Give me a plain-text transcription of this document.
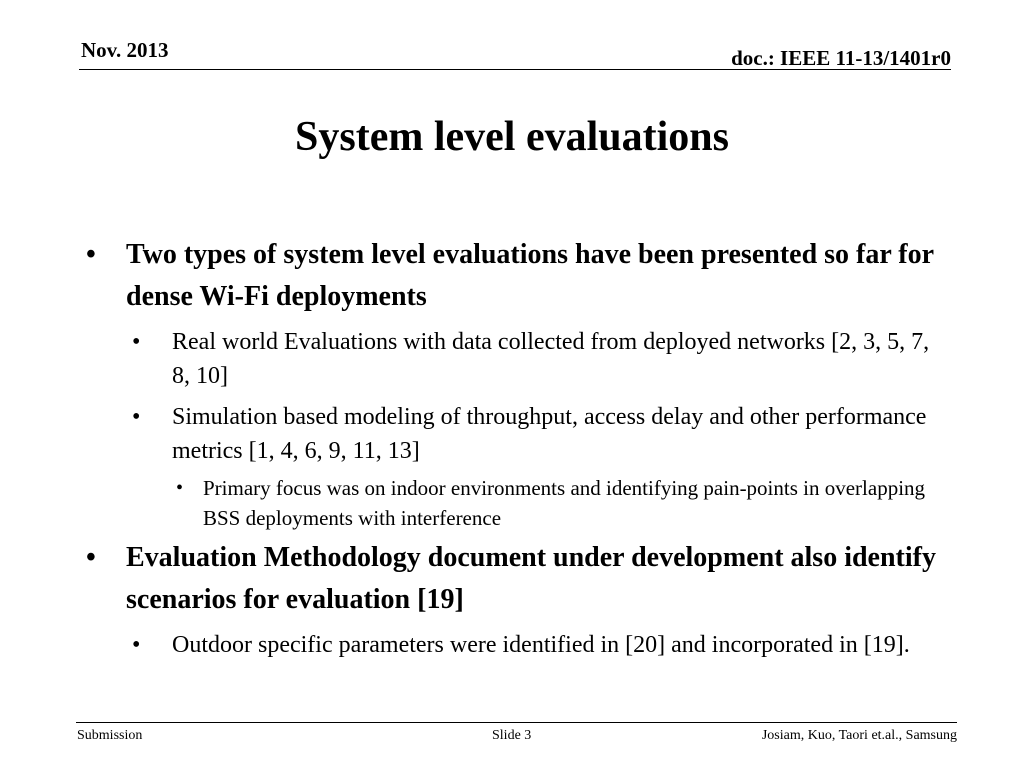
Nov. 2013	doc.: IEEE 11-13/1401r0
System level evaluations
• Two types of system level evaluations have been presented so far for dense Wi-Fi deployments
• Real world Evaluations with data collected from deployed networks [2, 3, 5, 7, 8, 10]
• Simulation based modeling of throughput, access delay and other performance metrics [1, 4, 6, 9, 11, 13]
• Primary focus was on indoor environments and identifying pain-points in overlapping BSS deployments with interference
• Evaluation Methodology document under development also identify scenarios for evaluation [19]
• Outdoor specific parameters were identified in [20] and incorporated in [19].
Submission	Slide 3	Josiam, Kuo, Taori et.al., Samsung
